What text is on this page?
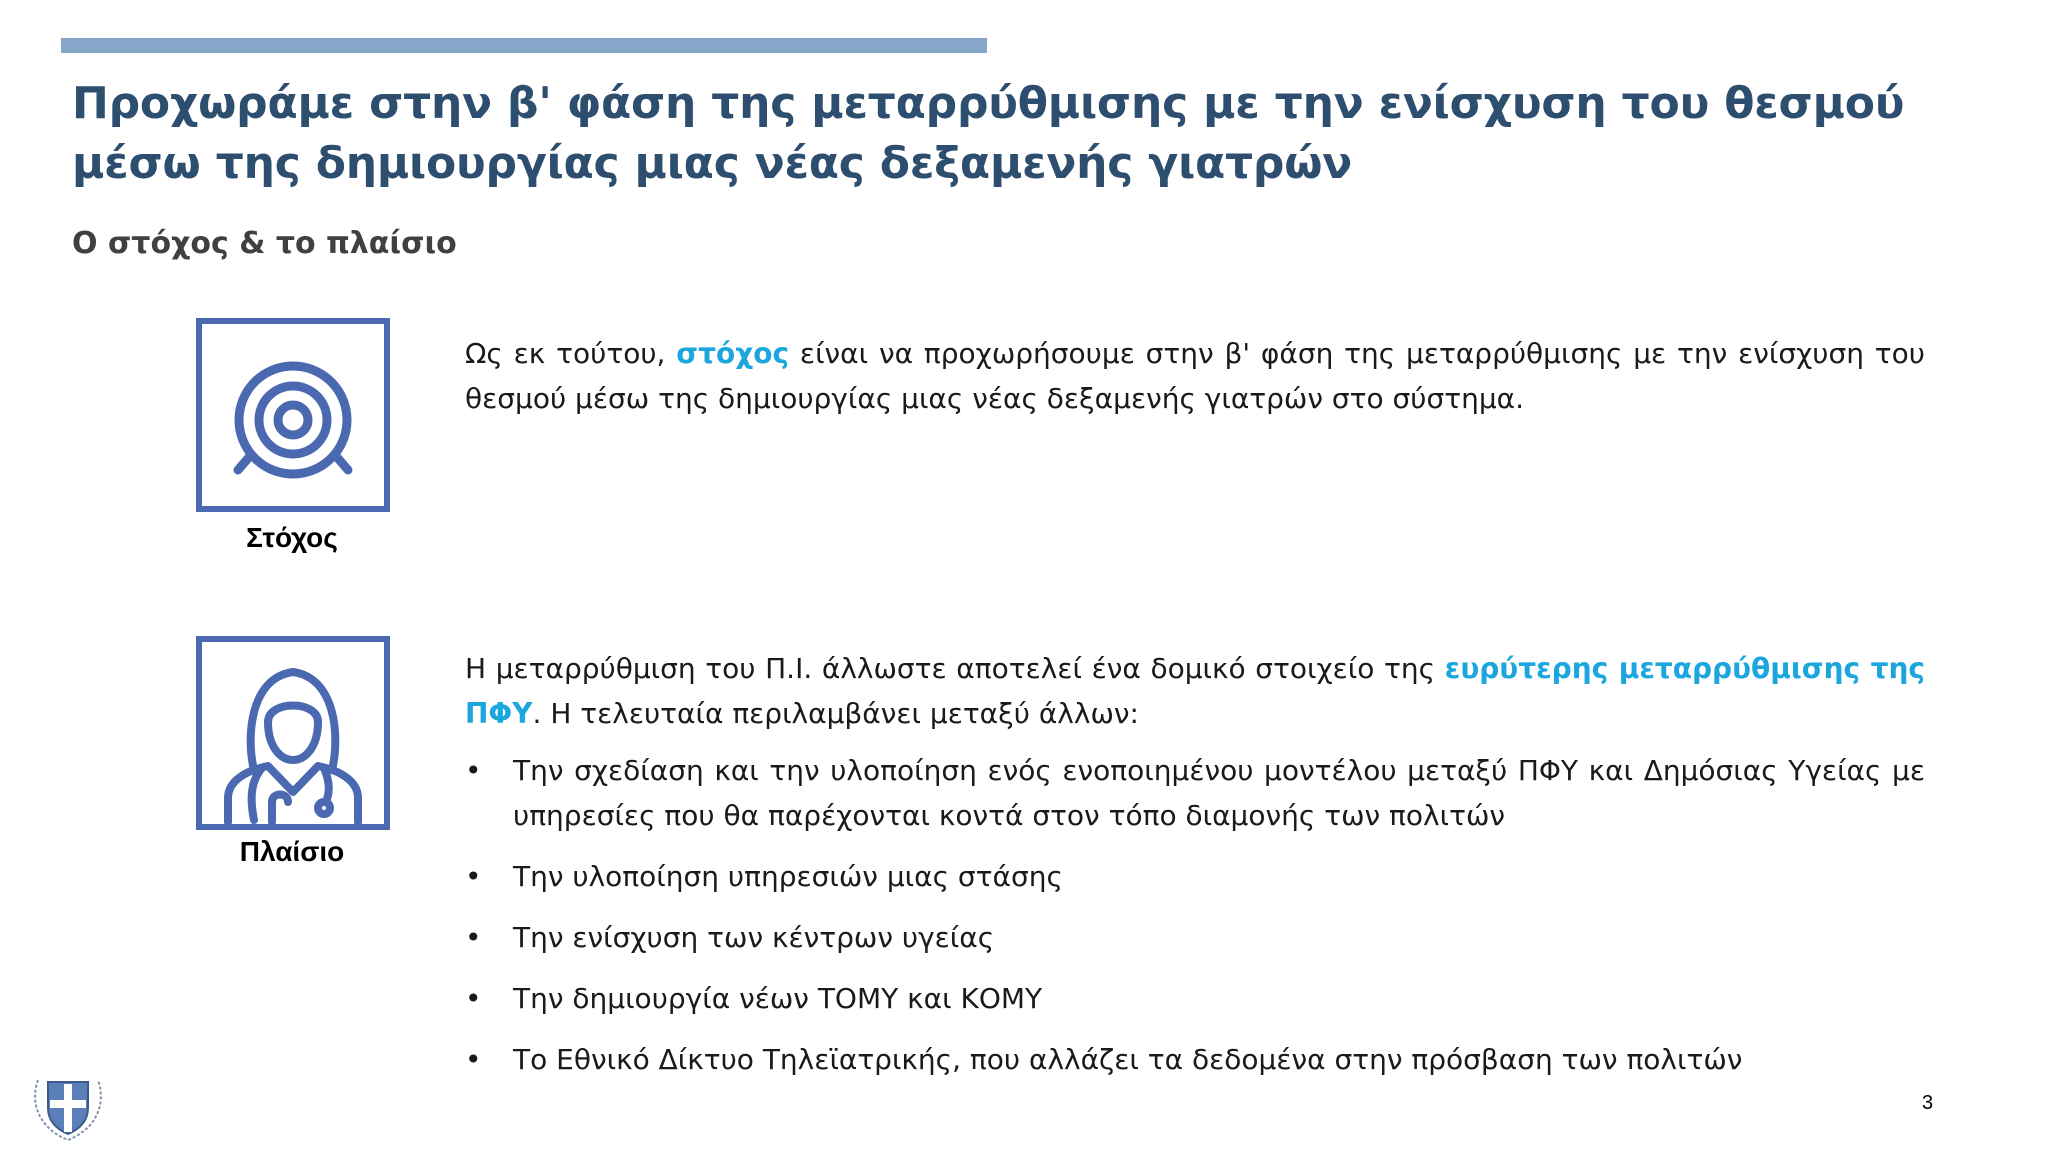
Προχωράμε στην β' φάση της μεταρρύθμισης με την ενίσχυση του θεσμού μέσω της δημιουργίας μιας νέας δεξαμενής γιατρών
Ο στόχος & το πλαίσιο
Στόχος

Ως εκ τούτου, στόχος είναι να προχωρήσουμε στην β' φάση της μεταρρύθμισης με την ενίσχυση του θεσμού μέσω της δημιουργίας μιας νέας δεξαμενής γιατρών στο σύστημα.

Πλαίσιο

Η μεταρρύθμιση του Π.Ι. άλλωστε αποτελεί ένα δομικό στοιχείο της ευρύτερης μεταρρύθμισης της ΠΦΥ. Η τελευταία περιλαμβάνει μεταξύ άλλων:

• Την σχεδίαση και την υλοποίηση ενός ενοποιημένου μοντέλου μεταξύ ΠΦΥ και Δημόσιας Υγείας με υπηρεσίες που θα παρέχονται κοντά στον τόπο διαμονής των πολιτών
• Την υλοποίηση υπηρεσιών μιας στάσης
• Την ενίσχυση των κέντρων υγείας
• Την δημιουργία νέων ΤΟΜΥ και ΚΟΜΥ
• Το Εθνικό Δίκτυο Τηλεϊατρικής, που αλλάζει τα δεδομένα στην πρόσβαση των πολιτών
3
